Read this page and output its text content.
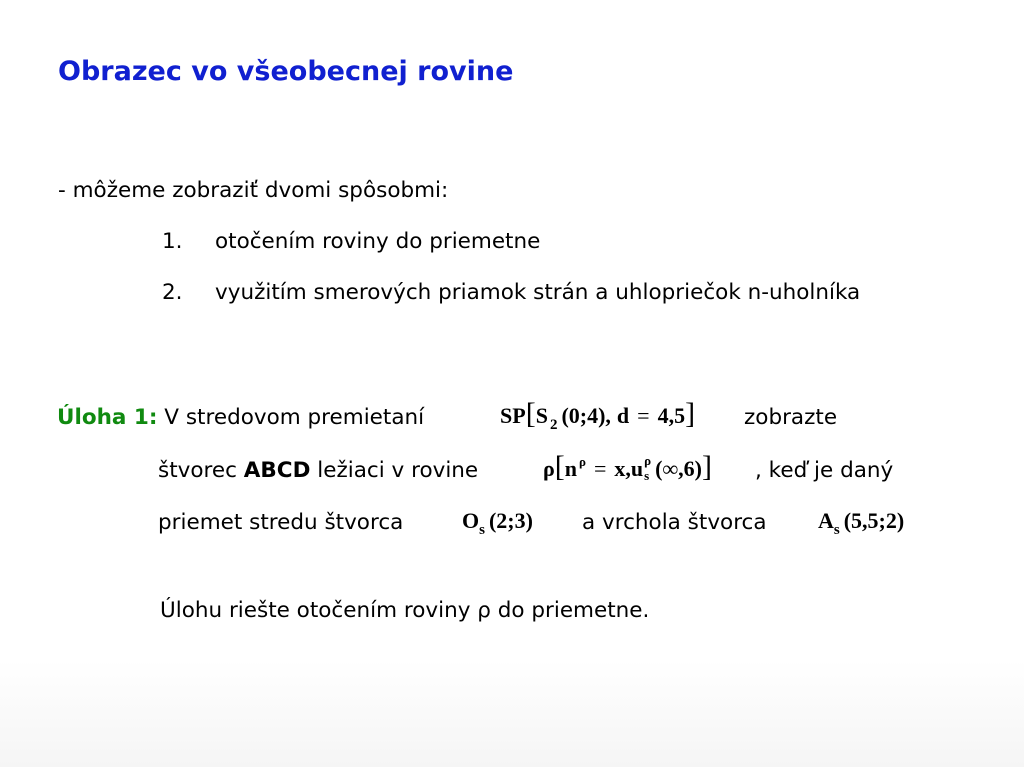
Obrazec vo všeobecnej rovine
- môžeme zobraziť dvomi spôsobmi:
1. otočením roviny do priemetne
2. využitím smerových priamok strán a uhlopriečok n-uholníka
Úloha 1: V stredovom premietaní	SP[S 2 (0;4), d = 4,5] zobrazte
štvorec ABCD ležiaci v rovine	ρ[n $^\rho$ = x,u ρ
s (∞,6)] , keď je daný
priemet stredu štvorca	Os (2;3) a vrchola štvorca As (5,5;2)
Úlohu riešte otočením roviny ρ do priemetne.
